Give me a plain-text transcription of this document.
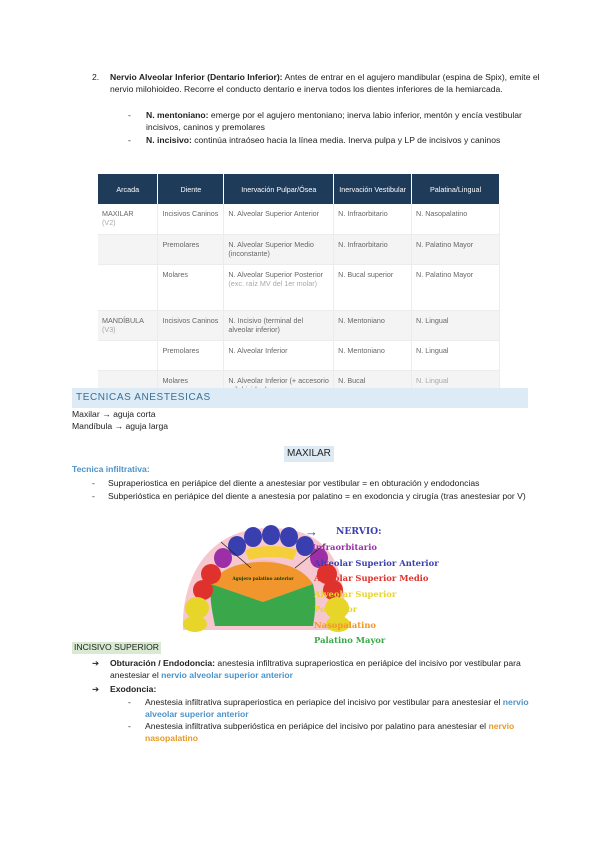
2. Nervio Alveolar Inferior (Dentario Inferior): Antes de entrar en el agujero mandibular (espina de Spix), emite el nervio milohioideo. Recorre el conducto dentario e inerva todos los dientes inferiores de la hemiarcada.
- N. mentoniano: emerge por el agujero mentoniano; inerva labio inferior, mentón y encía vestibular incisivos, caninos y premolares
- N. incisivo: continúa intraóseo hacia la línea media. Inerva pulpa y LP de incisivos y caninos
Arcada	Diente	Inervación Pulpar/Ósea	Inervación Vestibular	Palatina/Lingual
MAXILAR
(V2)	Incisivos Caninos	N. Alveolar Superior Anterior	N. Infraorbitario	N. Nasopalatino

	Premolares	N. Alveolar Superior Medio (inconstante)	N. Infraorbitario	N. Palatino Mayor

	Molares	N. Alveolar Superior Posterior (exc. raíz MV del 1er molar)	N. Bucal superior	N. Palatino Mayor
MANDÍBULA
(V3)	Incisivos Caninos	N. Incisivo (terminal del alveolar inferior)	N. Mentoniano	N. Lingual

	Premolares	N. Alveolar Inferior	N. Mentoniano	N. Lingual

	Molares	N. Alveolar Inferior (+ accesorio	N. Bucal	N. Lingual
TECNICAS ANESTESICAS
Maxilar → aguja corta
Mandíbula → aguja larga
MAXILAR
Tecnica infiltrativa:
- Supraperiostica en periápice del diente a anestesiar por vestibular = en obturación y endodoncias
- Subperióstica en periápice del diente a anestesia por palatino = en exodoncia y cirugía (tras anestesiar por V)
Agujero palatino anterior
→	NERVIO:
Infraorbitario
Alveolar Superior Anterior
Alveolar Superior Medio
Alveolar Superior Posterior
Nasopalatino
Palatino Mayor
INCISIVO SUPERIOR
➔ Obturación / Endodoncia: anestesia infiltrativa supraperiostica en periápice del incisivo por vestibular para anestesiar el nervio alveolar superior anterior
➔ Exodoncia:
- Anestesia infiltrativa supraperiostica en periapice del incisivo por vestibular para anestesiar el nervio alveolar superior anterior
- Anestesia infiltrativa subperióstica en periápice del incisivo por palatino para anestesiar el nervio nasopalatino
